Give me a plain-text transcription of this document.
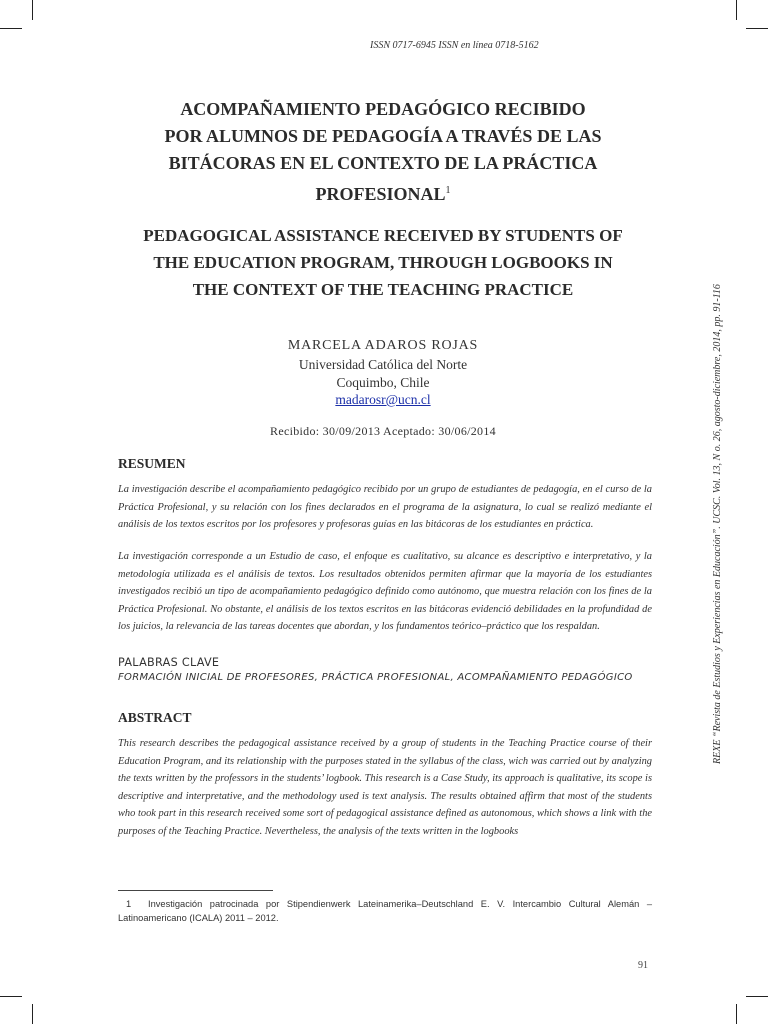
ISSN 0717-6945 ISSN en línea 0718-5162
ACOMPAÑAMIENTO PEDAGÓGICO RECIBIDO
POR ALUMNOS DE PEDAGOGÍA A TRAVÉS DE LAS
BITÁCORAS EN EL CONTEXTO DE LA PRÁCTICA
PROFESIONAL$^1$
PEDAGOGICAL ASSISTANCE RECEIVED BY STUDENTS OF
THE EDUCATION PROGRAM, THROUGH LOGBOOKS IN
THE CONTEXT OF THE TEACHING PRACTICE
MARCELA ADAROS ROJAS
Universidad Católica del Norte
Coquimbo, Chile
madarosr@ucn.cl
Recibido: 30/09/2013 Aceptado: 30/06/2014
RESUMEN

La investigación describe el acompañamiento pedagógico recibido por un grupo de estudiantes de pedagogía, en el curso de la Práctica Profesional, y su relación con los fines declarados en el programa de la asignatura, lo cual se realizó mediante el análisis de los textos escritos por los profesores y profesoras guías en las bitácoras de los estudiantes en práctica.

La investigación corresponde a un Estudio de caso, el enfoque es cualitativo, su alcance es descriptivo e interpretativo, y la metodología utilizada es el análisis de textos. Los resultados obtenidos permiten afirmar que la mayoría de los estudiantes investigados recibió un tipo de acompañamiento pedagógico definido como autónomo, que muestra relación con los fines de la Práctica Profesional. No obstante, el análisis de los textos escritos en las bitácoras evidenció debilidades en la profundidad de los juicios, la relevancia de las tareas docentes que abordan, y los fundamentos teórico–práctico que los respaldan.

PALABRAS CLAVE
FORMACIÓN INICIAL DE PROFESORES, PRÁCTICA PROFESIONAL, ACOMPAÑAMIENTO PEDAGÓGICO
ABSTRACT

This research describes the pedagogical assistance received by a group of students in the Teaching Practice course of their Education Program, and its relationship with the purposes stated in the syllabus of the class, wich was carried out by analyzing the texts written by the professors in the students’ logbook. This research is a Case Study, its approach is qualitative, its scope is descriptive and interpretative, and the methodology used is text analysis. The results obtained affirm that most of the students who took part in this research received some sort of pedagogical assistance defined as autonomous, which shows a link with the purposes of the Teaching Practice. Nevertheless, the analysis of the texts written in the logbooks

1 Investigación patrocinada por Stipendienwerk Lateinamerika–Deutschland E. V. Intercambio Cultural Alemán –Latinoamericano (ICALA) 2011 – 2012.
91
REXE “Revista de Estudios y Experiencias en Educación”. UCSC. Vol. 13, N o. 26, agosto-diciembre, 2014, pp. 91-116
